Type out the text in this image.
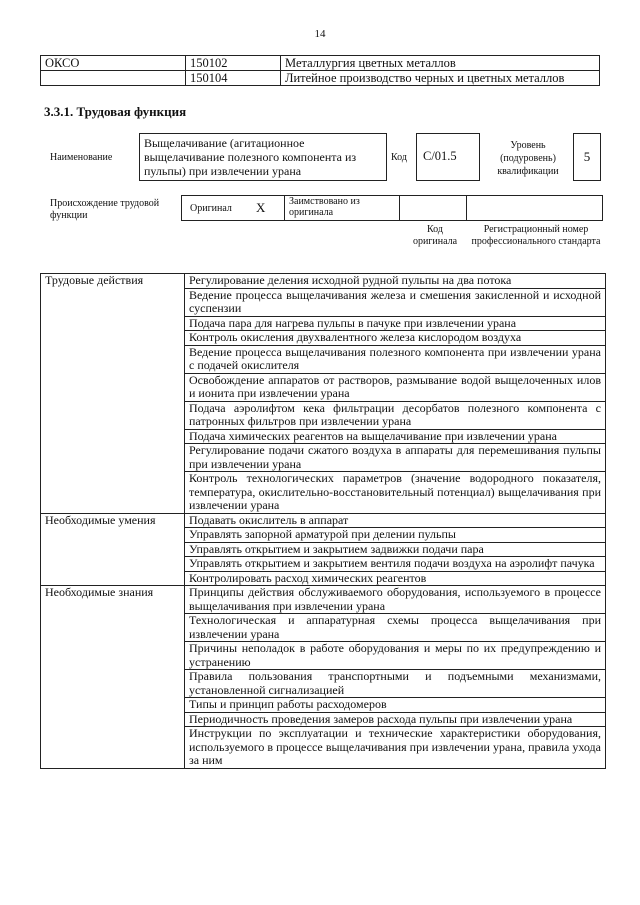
14
ОКСО	150102	Металлургия цветных металлов
	150104	Литейное производство черных и цветных металлов
3.3.1. Трудовая функция
Наименование
Выщелачивание (агитационное выщелачивание полезного компонента из пульпы) при извлечении урана
Код	C/01.5
Уровень (подуровень) квалификации
5
Происхождение трудовой функции
Оригинал X Заимствовано из оригинала
Код оригинала
Регистрационный номер профессионального стандарта
Трудовые действия	Регулирование деления исходной рудной пульпы на два потока
	Ведение процесса выщелачивания железа и смешения закисленной и исходной суспензии
	Подача пара для нагрева пульпы в пачуке при извлечении урана
	Контроль окисления двухвалентного железа кислородом воздуха
	Ведение процесса выщелачивания полезного компонента при извлечении урана с подачей окислителя
	Освобождение аппаратов от растворов, размывание водой выщелоченных илов и ионита при извлечении урана
	Подача аэролифтом кека фильтрации десорбатов полезного компонента с патронных фильтров при извлечении урана
	Подача химических реагентов на выщелачивание при извлечении урана
	Регулирование подачи сжатого воздуха в аппараты для перемешивания пульпы при извлечении урана
	Контроль технологических параметров (значение водородного показателя, температура, окислительно-восстановительный потенциал) выщелачивания при извлечении урана
Необходимые умения	Подавать окислитель в аппарат
	Управлять запорной арматурой при делении пульпы
	Управлять открытием и закрытием задвижки подачи пара
	Управлять открытием и закрытием вентиля подачи воздуха на аэролифт пачука
	Контролировать расход химических реагентов
Необходимые знания	Принципы действия обслуживаемого оборудования, используемого в процессе выщелачивания при извлечении урана
	Технологическая и аппаратурная схемы процесса выщелачивания при извлечении урана
	Причины неполадок в работе оборудования и меры по их предупреждению и устранению
	Правила пользования транспортными и подъемными механизмами, установленной сигнализацией
	Типы и принцип работы расходомеров
	Периодичность проведения замеров расхода пульпы при извлечении урана
	Инструкции по эксплуатации и технические характеристики оборудования, используемого в процессе выщелачивания при извлечении урана, правила ухода за ним
